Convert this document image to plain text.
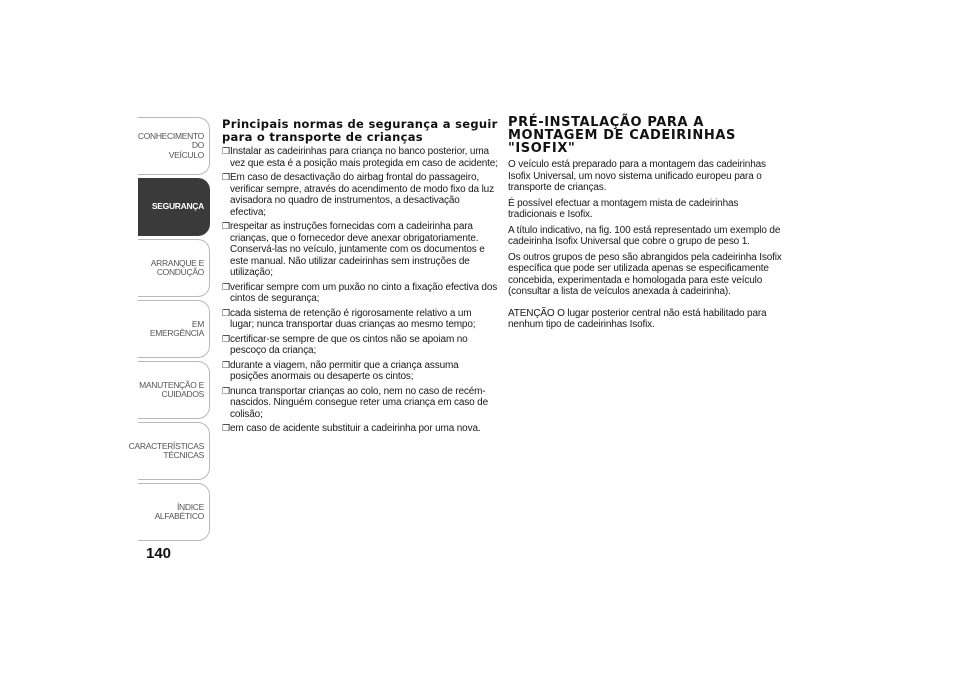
CONHECIMENTO DO
VEÍCULO
SEGURANÇA
ARRANQUE E
CONDUÇÃO
EM EMERGÊNCIA
MANUTENÇÃO E
CUIDADOS
CARACTERÍSTICAS
TÉCNICAS
ÍNDICE ALFABÉTICO
140
Principais normas de segurança a seguir para o transporte de crianças
❒ Instalar as cadeirinhas para criança no banco posterior, uma vez que esta é a posição mais protegida em caso de acidente;
❒ Em caso de desactivação do airbag frontal do passageiro, verificar sempre, através do acendimento de modo fixo da luz avisadora no quadro de instrumentos, a desactivação efectiva;
❒ respeitar as instruções fornecidas com a cadeirinha para crianças, que o fornecedor deve anexar obrigatoriamente. Conservá-las no veículo, juntamente com os documentos e este manual. Não utilizar cadeirinhas sem instruções de utilização;
❒ verificar sempre com um puxão no cinto a fixação efectiva dos cintos de segurança;
❒ cada sistema de retenção é rigorosamente relativo a um lugar; nunca transportar duas crianças ao mesmo tempo;
❒ certificar-se sempre de que os cintos não se apoiam no pescoço da criança;
❒ durante a viagem, não permitir que a criança assuma posições anormais ou desaperte os cintos;
❒ nunca transportar crianças ao colo, nem no caso de recém-nascidos. Ninguém consegue reter uma criança em caso de colisão;
❒ em caso de acidente substituir a cadeirinha por uma nova.
PRÉ-INSTALAÇÃO PARA A
MONTAGEM DE CADEIRINHAS
"ISOFIX"

O veículo está preparado para a montagem das cadeirinhas Isofix Universal, um novo sistema unificado europeu para o transporte de crianças.

É possível efectuar a montagem mista de cadeirinhas tradicionais e Isofix.

A título indicativo, na fig. 100 está representado um exemplo de cadeirinha Isofix Universal que cobre o grupo de peso 1.

Os outros grupos de peso são abrangidos pela cadeirinha Isofix específica que pode ser utilizada apenas se especificamente concebida, experimentada e homologada para este veículo (consultar a lista de veículos anexada à cadeirinha).

ATENÇÃO O lugar posterior central não está habilitado para nenhum tipo de cadeirinhas Isofix.
